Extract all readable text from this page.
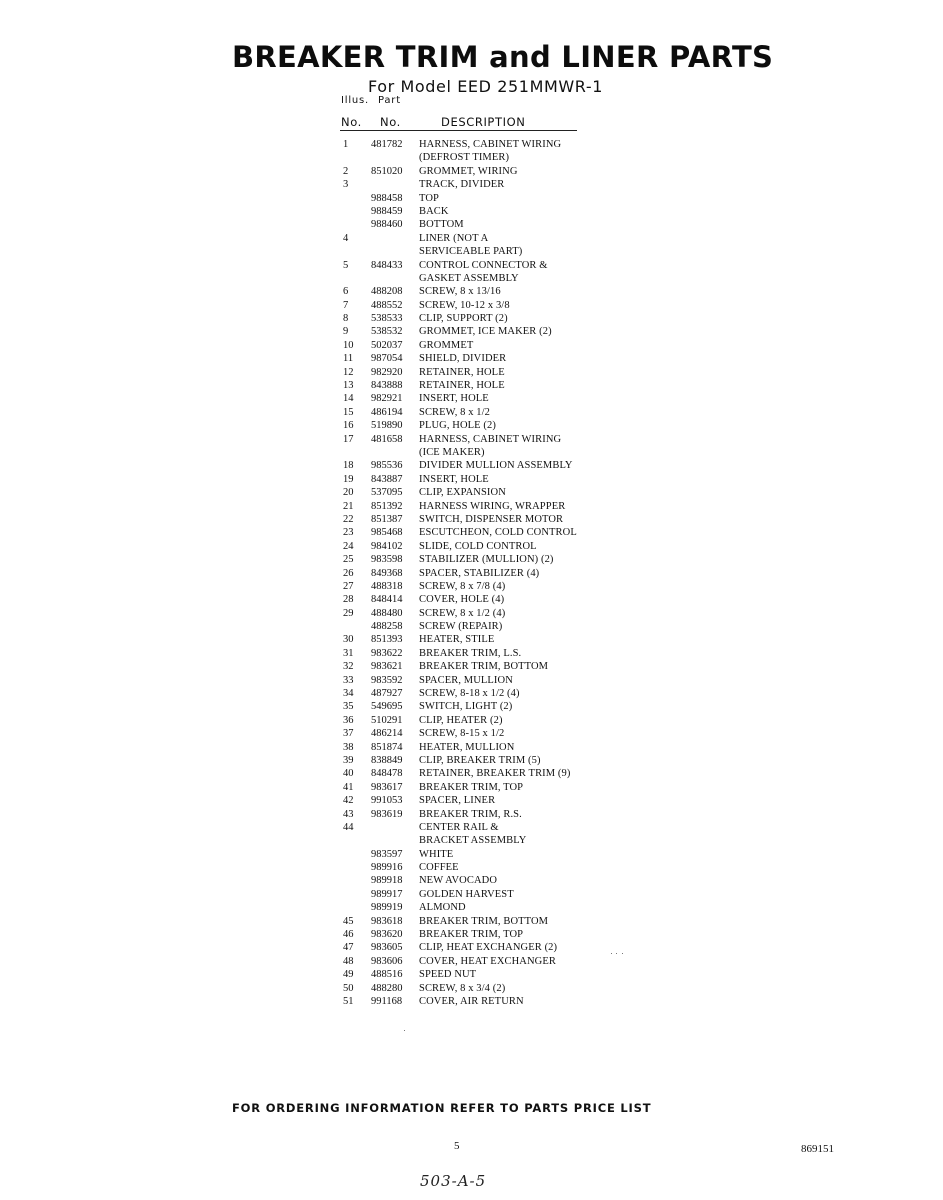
BREAKER TRIM and LINER PARTS
For Model EED 251MMWR-1
Illus. Part
No. No.	DESCRIPTION
1	481782 HARNESS, CABINET WIRING
(DEFROST TIMER)
2	851020 GROMMET, WIRING
3	TRACK, DIVIDER
988458 TOP
988459 BACK
988460 BOTTOM
4	LINER (NOT A
SERVICEABLE PART)
5	848433 CONTROL CONNECTOR &
GASKET ASSEMBLY
6	488208 SCREW, 8 x 13/16
7	488552 SCREW, 10-12 x 3/8
8	538533 CLIP, SUPPORT (2)
9	538532 GROMMET, ICE MAKER (2)
10	502037 GROMMET
11	987054 SHIELD, DIVIDER
12	982920 RETAINER, HOLE
13	843888 RETAINER, HOLE
14	982921 INSERT, HOLE
15	486194 SCREW, 8 x 1/2
16	519890 PLUG, HOLE (2)
17	481658 HARNESS, CABINET WIRING
(ICE MAKER)
18	985536 DIVIDER MULLION ASSEMBLY
19	843887 INSERT, HOLE
20	537095 CLIP, EXPANSION
21	851392 HARNESS WIRING, WRAPPER
22	851387 SWITCH, DISPENSER MOTOR
23	985468 ESCUTCHEON, COLD CONTROL
24	984102 SLIDE, COLD CONTROL
25	983598 STABILIZER (MULLION) (2)
26	849368 SPACER, STABILIZER (4)
27	488318 SCREW, 8 x 7/8 (4)
28	848414 COVER, HOLE (4)
29	488480 SCREW, 8 x 1/2 (4)
488258 SCREW (REPAIR)
30	851393 HEATER, STILE
31	983622 BREAKER TRIM, L.S.
32	983621 BREAKER TRIM, BOTTOM
33	983592 SPACER, MULLION
34	487927 SCREW, 8-18 x 1/2 (4)
35	549695 SWITCH, LIGHT (2)
36	510291 CLIP, HEATER (2)
37	486214 SCREW, 8-15 x 1/2
38	851874 HEATER, MULLION
39	838849 CLIP, BREAKER TRIM (5)
40	848478 RETAINER, BREAKER TRIM (9)
41	983617 BREAKER TRIM, TOP
42	991053 SPACER, LINER
43	983619 BREAKER TRIM, R.S.
44	CENTER RAIL &
BRACKET ASSEMBLY
983597 WHITE
989916 COFFEE
989918 NEW AVOCADO
989917 GOLDEN HARVEST
989919 ALMOND
45	983618 BREAKER TRIM, BOTTOM
46	983620 BREAKER TRIM, TOP
47	983605 CLIP, HEAT EXCHANGER (2)
48	983606 COVER, HEAT EXCHANGER
49	488516 SPEED NUT
50	488280 SCREW, 8 x 3/4 (2)
51	991168 COVER, AIR RETURN
FOR ORDERING INFORMATION REFER TO PARTS PRICE LIST
5	869151
503-A-5
